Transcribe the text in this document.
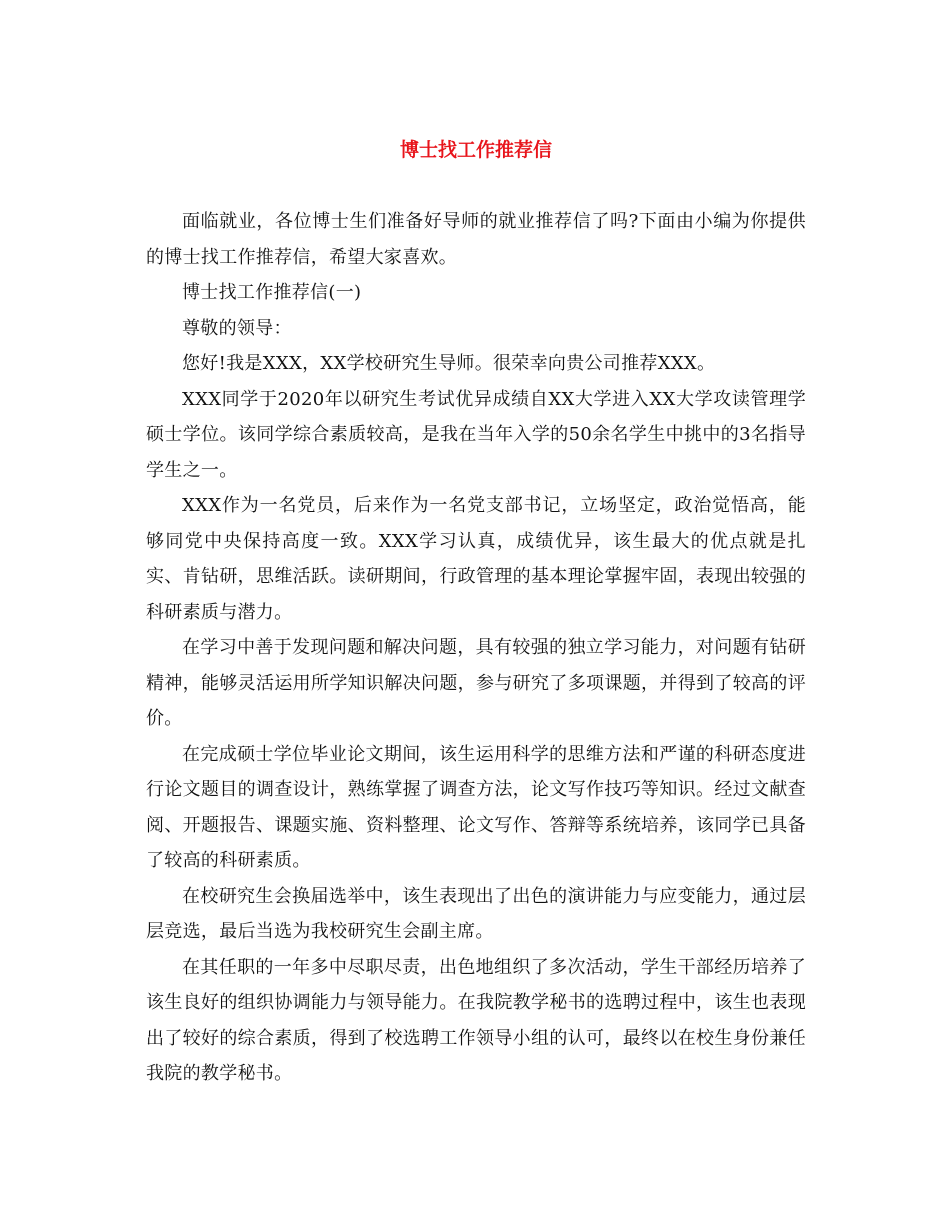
博士找工作推荐信

面临就业，各位博士生们准备好导师的就业推荐信了吗?下面由小编为你提供的博士找工作推荐信，希望大家喜欢。

博士找工作推荐信(一)

尊敬的领导：

您好!我是XXX，XX学校研究生导师。很荣幸向贵公司推荐XXX。

XXX同学于2020年以研究生考试优异成绩自XX大学进入XX大学攻读管理学硕士学位。该同学综合素质较高，是我在当年入学的50余名学生中挑中的3名指导学生之一。

XXX作为一名党员，后来作为一名党支部书记，立场坚定，政治觉悟高，能够同党中央保持高度一致。XXX学习认真，成绩优异，该生最大的优点就是扎实、肯钻研，思维活跃。读研期间，行政管理的基本理论掌握牢固，表现出较强的科研素质与潜力。

在学习中善于发现问题和解决问题，具有较强的独立学习能力，对问题有钻研精神，能够灵活运用所学知识解决问题，参与研究了多项课题，并得到了较高的评价。

在完成硕士学位毕业论文期间，该生运用科学的思维方法和严谨的科研态度进行论文题目的调查设计，熟练掌握了调查方法，论文写作技巧等知识。经过文献查阅、开题报告、课题实施、资料整理、论文写作、答辩等系统培养，该同学已具备了较高的科研素质。

在校研究生会换届选举中，该生表现出了出色的演讲能力与应变能力，通过层层竞选，最后当选为我校研究生会副主席。

在其任职的一年多中尽职尽责，出色地组织了多次活动，学生干部经历培养了该生良好的组织协调能力与领导能力。在我院教学秘书的选聘过程中，该生也表现出了较好的综合素质，得到了校选聘工作领导小组的认可，最终以在校生身份兼任我院的教学秘书。
